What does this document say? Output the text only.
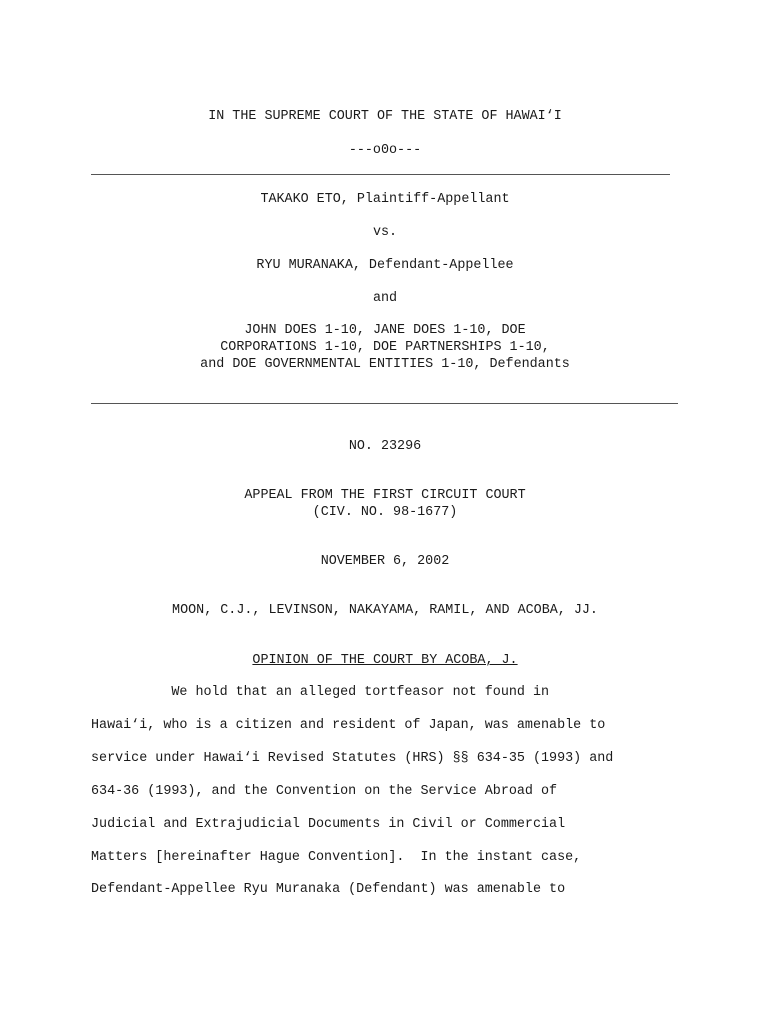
IN THE SUPREME COURT OF THE STATE OF HAWAI‘I
---o0o---
TAKAKO ETO, Plaintiff-Appellant
vs.
RYU MURANAKA, Defendant-Appellee
and
JOHN DOES 1-10, JANE DOES 1-10, DOE
CORPORATIONS 1-10, DOE PARTNERSHIPS 1-10,
and DOE GOVERNMENTAL ENTITIES 1-10, Defendants
NO. 23296
APPEAL FROM THE FIRST CIRCUIT COURT
(CIV. NO. 98-1677)
NOVEMBER 6, 2002
MOON, C.J., LEVINSON, NAKAYAMA, RAMIL, AND ACOBA, JJ.
OPINION OF THE COURT BY ACOBA, J.
We hold that an alleged tortfeasor not found in
Hawai‘i, who is a citizen and resident of Japan, was amenable to
service under Hawai‘i Revised Statutes (HRS) §§ 634-35 (1993) and
634-36 (1993), and the Convention on the Service Abroad of
Judicial and Extrajudicial Documents in Civil or Commercial
Matters [hereinafter Hague Convention].  In the instant case,
Defendant-Appellee Ryu Muranaka (Defendant) was amenable to
